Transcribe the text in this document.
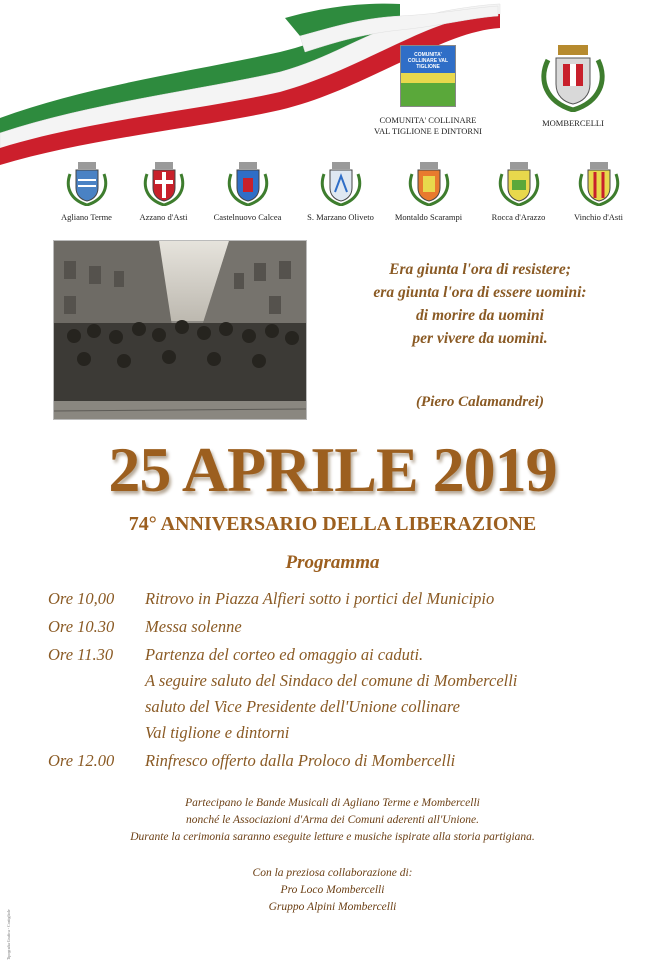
COMUNITA' COLLINARE VAL TIGLIONE
COMUNITA' COLLINARE
VAL TIGLIONE E DINTORNI
MOMBERCELLI
Agliano Terme	Azzano d'Asti	Castelnuovo Calcea	S. Marzano Oliveto	Montaldo Scarampi	Rocca d'Arazzo	Vinchio d'Asti
Era giunta l'ora di resistere;
era giunta l'ora di essere uomini:
di morire da uomini
per vivere da uomini.
(Piero Calamandrei)
25 APRILE 2019
74° ANNIVERSARIO DELLA LIBERAZIONE
Programma
Ore 10,00	Ritrovo in Piazza Alfieri sotto i portici del Municipio
Ore 10.30	Messa solenne
Ore 11.30	Partenza del corteo ed omaggio ai caduti.
A seguire saluto del Sindaco del comune di Mombercelli
saluto del Vice Presidente dell'Unione collinare
Val tiglione e dintorni
Ore 12.00	Rinfresco offerto dalla Proloco di Mombercelli
Partecipano le Bande Musicali di Agliano Terme e Mombercelli
nonché le Associazioni d'Arma dei Comuni aderenti all'Unione.
Durante la cerimonia saranno eseguite letture e musiche ispirate alla storia partigiana.
Con la preziosa collaborazione di:
Pro Loco Mombercelli
Gruppo Alpini Mombercelli
Tipografia Grafica - Costigliole
